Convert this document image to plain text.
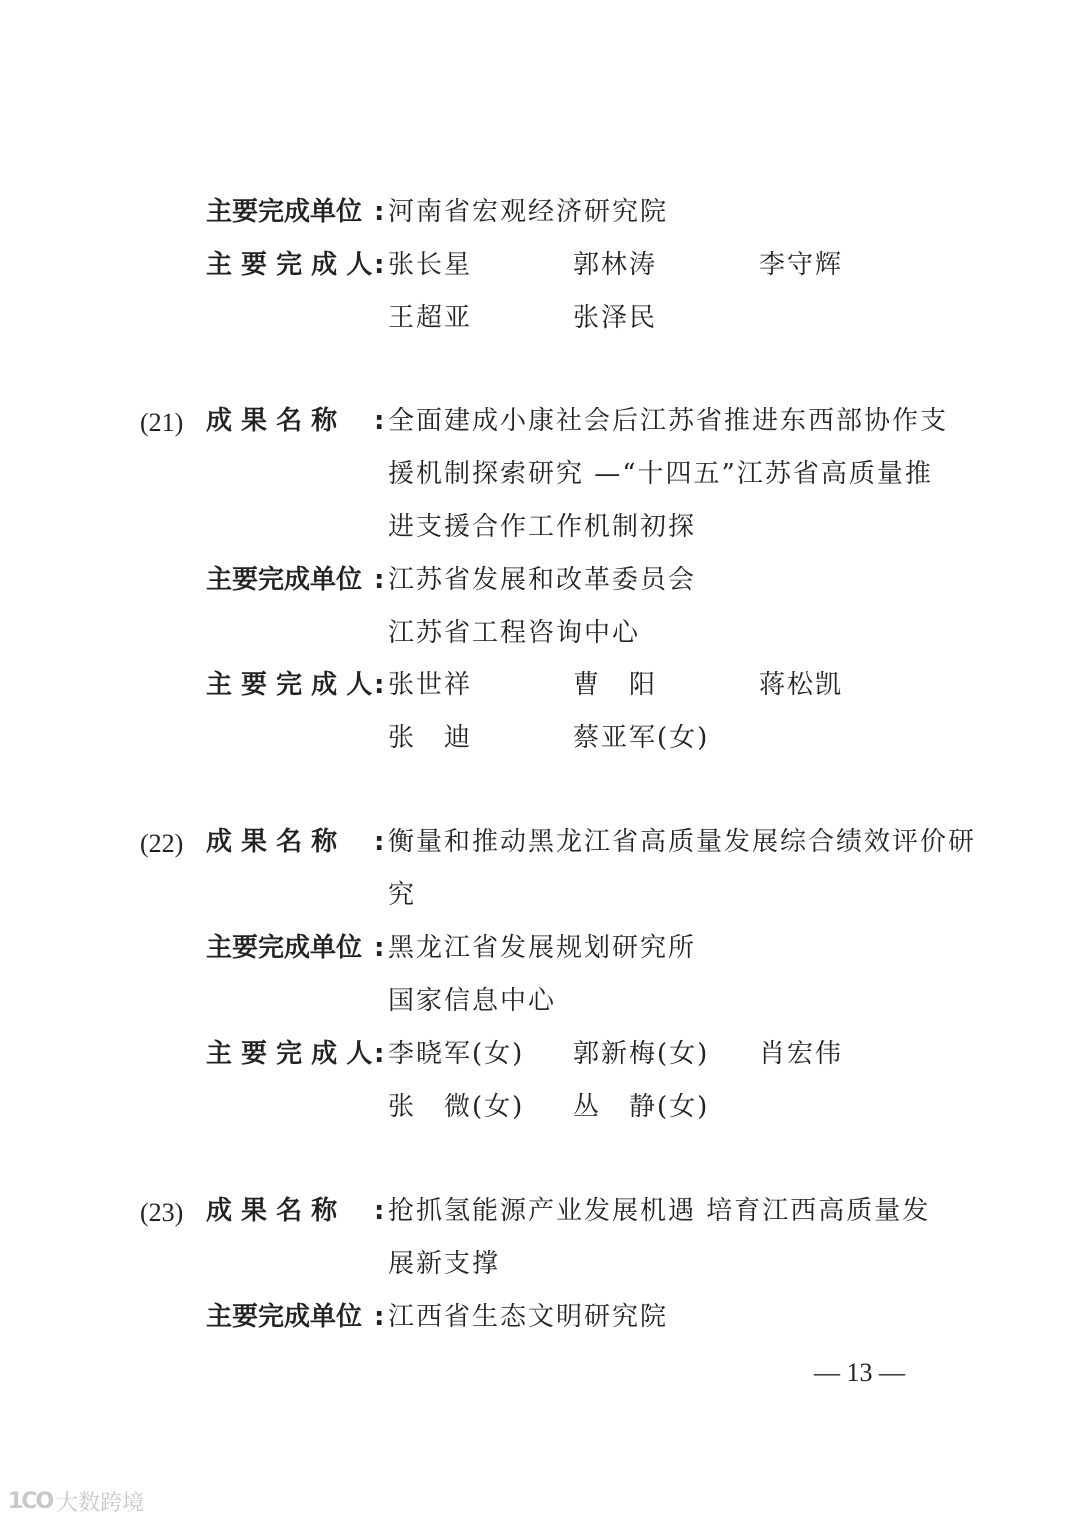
主要完成单位 : 河南省宏观经济研究院
主 要 完 成 人 : 张长星	郭林涛	李守辉
王超亚	张泽民
(21) 成 果 名 称	: 全面建成小康社会后江苏省推进东西部协作支
援机制探索研究 —“十四五”江苏省高质量推
进支援合作工作机制初探
主要完成单位 : 江苏省发展和改革委员会
江苏省工程咨询中心
主 要 完 成 人 : 张世祥	曹　阳	蒋松凯
张　迪	蔡亚军(女)
(22) 成 果 名 称	: 衡量和推动黑龙江省高质量发展综合绩效评价研
究
主要完成单位 : 黑龙江省发展规划研究所
国家信息中心
主 要 完 成 人 : 李晓军(女) 郭新梅(女) 肖宏伟
张　微(女) 丛　静(女)
(23) 成 果 名 称	: 抢抓氢能源产业发展机遇 培育江西高质量发
展新支撑
主要完成单位 : 江西省生态文明研究院
— 13 —
1CO 大数跨境
